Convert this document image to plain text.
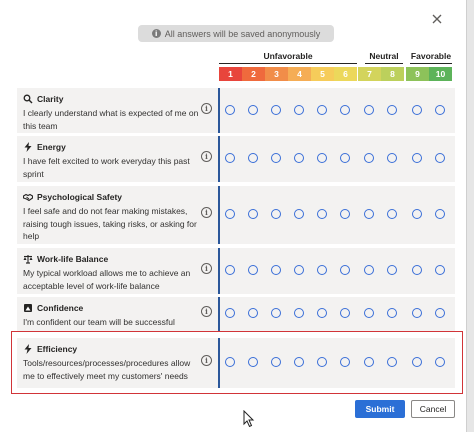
i All answers will be saved anonymously
Unfavorable	Neutral	Favorable
1	2	3	4	5	6	7	8	9	10
Clarity
I clearly understand what is expected of me on this team
i
Energy
I have felt excited to work everyday this past sprint
i
Psychological Safety
I feel safe and do not fear making mistakes, raising tough issues, taking risks, or asking for help
i
Work-life Balance
My typical workload allows me to achieve an acceptable level of work-life balance
i
Confidence
I'm confident our team will be successful
i
Efficiency
Tools/resources/processes/procedures allow me to effectively meet my customers' needs
i
Submit	Cancel
